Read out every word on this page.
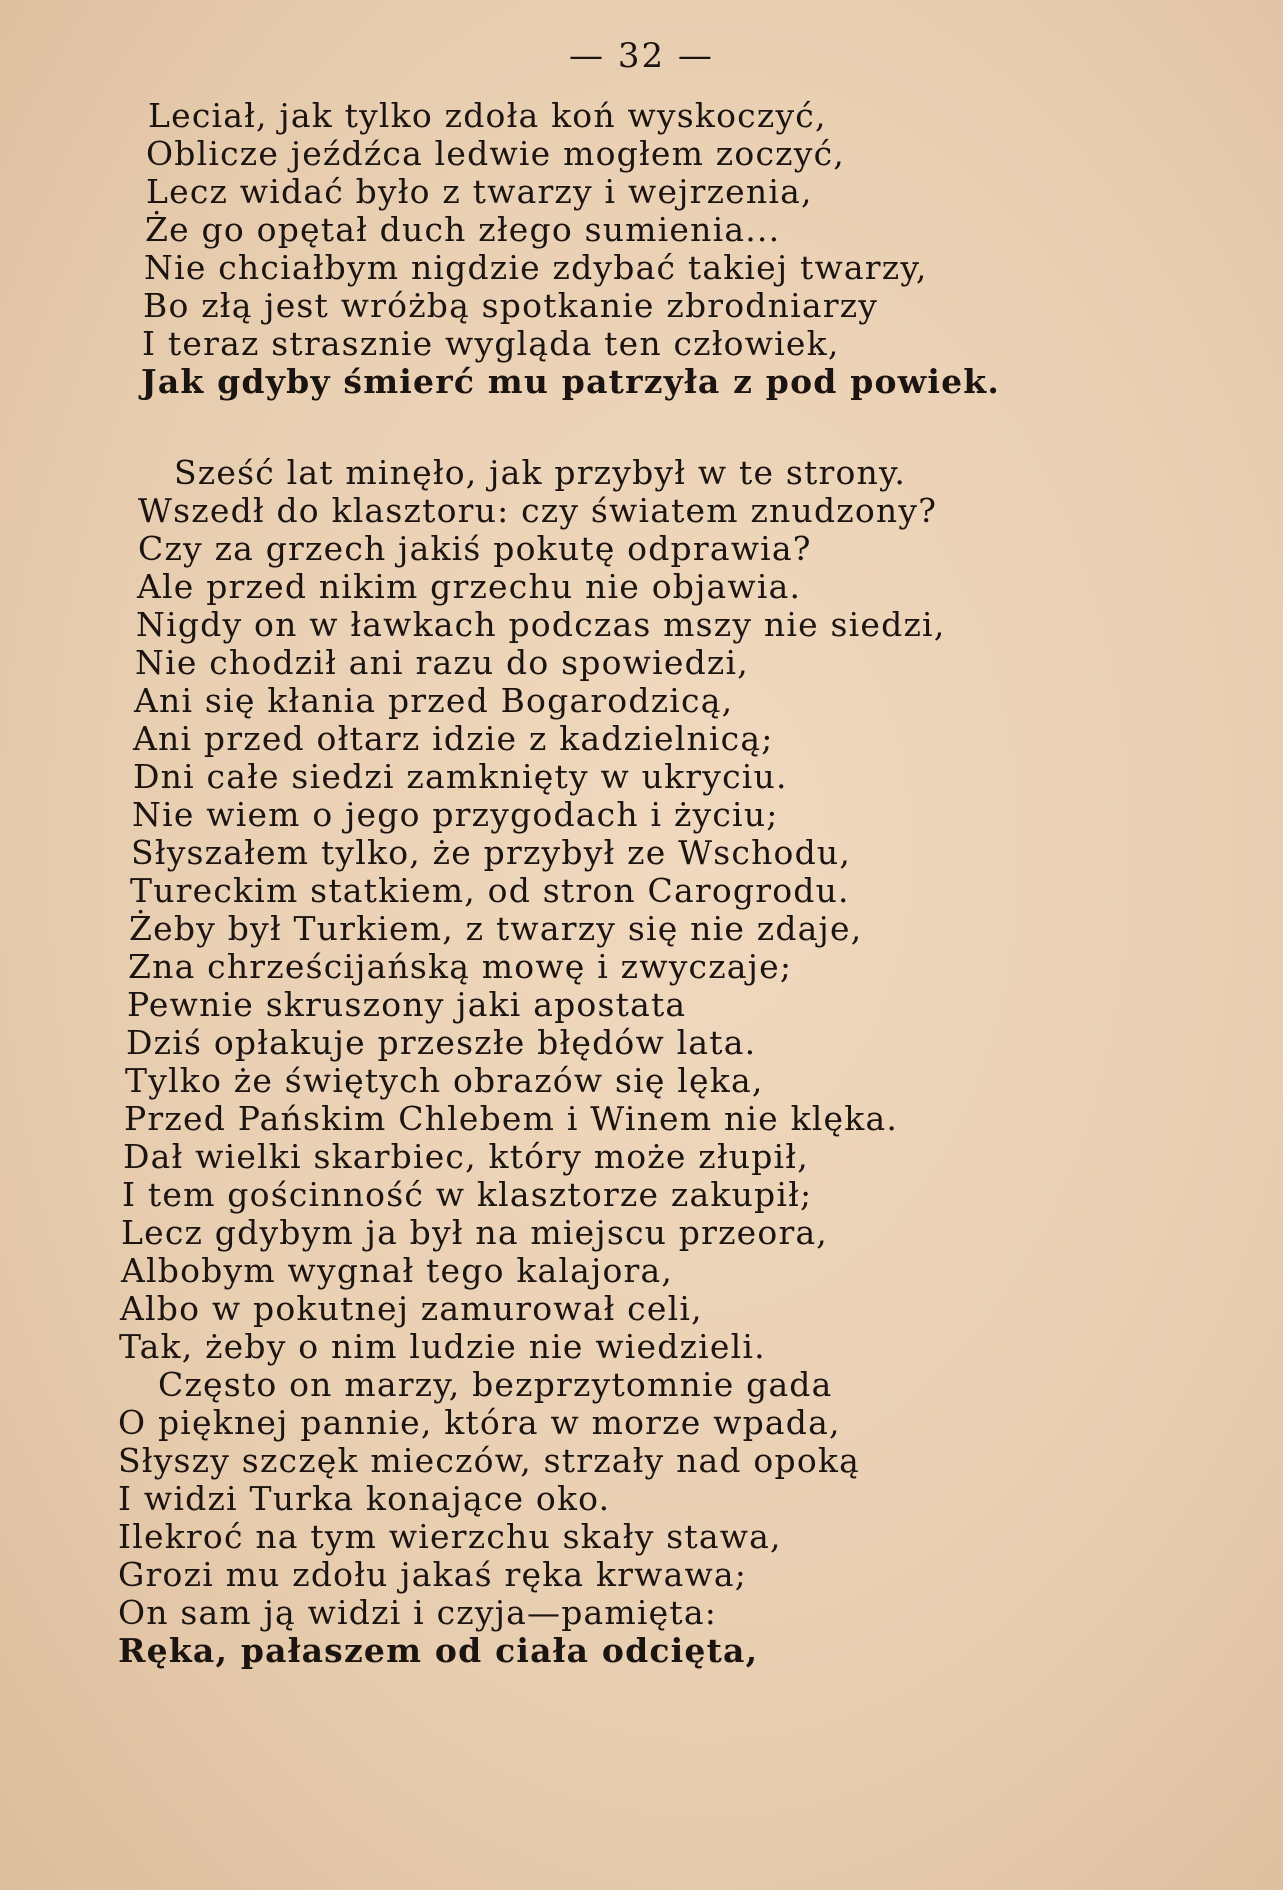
— 32 —
Leciał, jak tylko zdoła koń wyskoczyć,
Oblicze jeźdźca ledwie mogłem zoczyć,
Lecz widać było z twarzy i wejrzenia,
Że go opętał duch złego sumienia...
Nie chciałbym nigdzie zdybać takiej twarzy,
Bo złą jest wróżbą spotkanie zbrodniarzy
I teraz strasznie wygląda ten człowiek,
Jak gdyby śmierć mu patrzyła z pod powiek.
Sześć lat minęło, jak przybył w te strony.
Wszedł do klasztoru: czy światem znudzony?
Czy za grzech jakiś pokutę odprawia?
Ale przed nikim grzechu nie objawia.
Nigdy on w ławkach podczas mszy nie siedzi,
Nie chodził ani razu do spowiedzi,
Ani się kłania przed Bogarodzicą,
Ani przed ołtarz idzie z kadzielnicą;
Dni całe siedzi zamknięty w ukryciu.
Nie wiem o jego przygodach i życiu;
Słyszałem tylko, że przybył ze Wschodu,
Tureckim statkiem, od stron Carogrodu.
Żeby był Turkiem, z twarzy się nie zdaje,
Zna chrześcijańską mowę i zwyczaje;
Pewnie skruszony jaki apostata
Dziś opłakuje przeszłe błędów lata.
Tylko że świętych obrazów się lęka,
Przed Pańskim Chlebem i Winem nie klęka.
Dał wielki skarbiec, który może złupił,
I tem gościnność w klasztorze zakupił;
Lecz gdybym ja był na miejscu przeora,
Albobym wygnał tego kalajora,
Albo w pokutnej zamurował celi,
Tak, żeby o nim ludzie nie wiedzieli.
Często on marzy, bezprzytomnie gada
O pięknej pannie, która w morze wpada,
Słyszy szczęk mieczów, strzały nad opoką
I widzi Turka konające oko.
Ilekroć na tym wierzchu skały stawa,
Grozi mu zdołu jakaś ręka krwawa;
On sam ją widzi i czyja—pamięta:
Ręka, pałaszem od ciała odcięta,
